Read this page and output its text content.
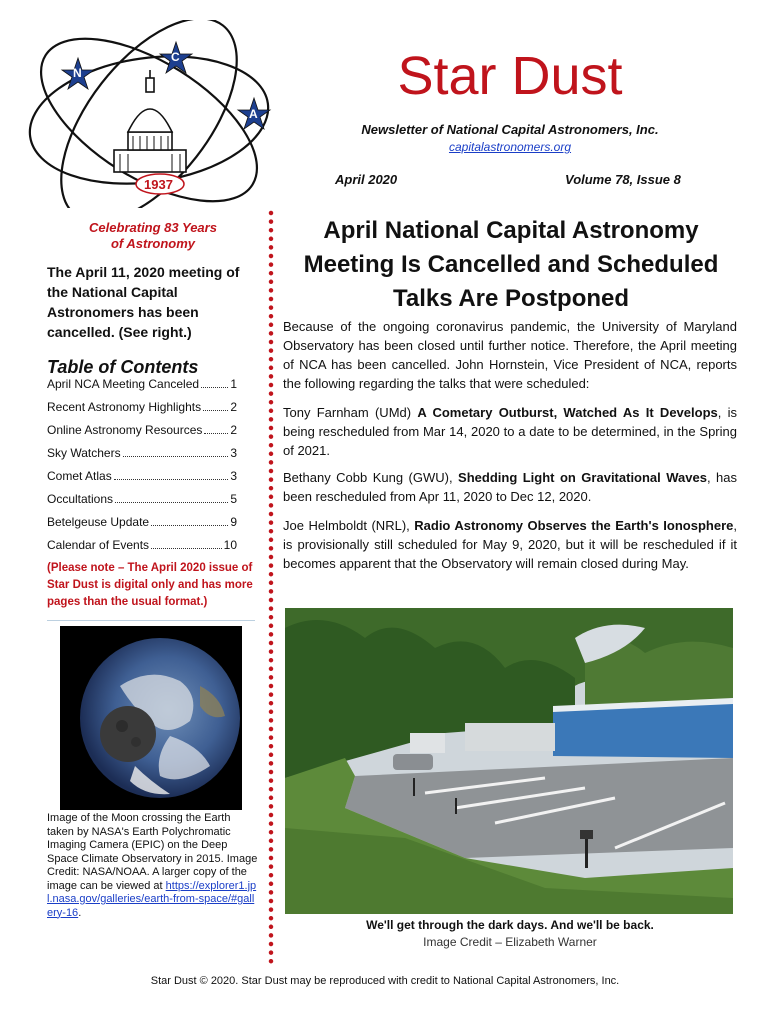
N
C
A
1937
Star Dust
Newsletter of National Capital Astronomers, Inc.
capitalastronomers.org
April 2020	Volume 78, Issue 8
Celebrating 83 Years
of Astronomy
The April 11, 2020 meeting of the National Capital Astronomers has been cancelled. (See right.)
Table of Contents
April NCA Meeting Canceled	1
Recent Astronomy Highlights 2
Online Astronomy Resources 2
Sky Watchers	3
Comet Atlas	3
Occultations	5
Betelgeuse Update	9
Calendar of Events	10
(Please note – The April 2020 issue of Star Dust is digital only and has more pages than the usual format.)
Image of the Moon crossing the Earth taken by NASA's Earth Polychromatic Imaging Camera (EPIC) on the Deep Space Climate Observatory in 2015. Image Credit: NASA/NOAA. A larger copy of the image can be viewed at https://explorer1.jpl.nasa.gov/galleries/earth-from-space/#gallery-16.
April National Capital Astronomy Meeting Is Cancelled and Scheduled Talks Are Postponed
Because of the ongoing coronavirus pandemic, the University of Maryland Observatory has been closed until further notice. Therefore, the April meeting of NCA has been cancelled. John Hornstein, Vice President of NCA, reports the following regarding the talks that were scheduled:
Tony Farnham (UMd) A Cometary Outburst, Watched As It Develops, is being rescheduled from Mar 14, 2020 to a date to be determined, in the Spring of 2021.
Bethany Cobb Kung (GWU), Shedding Light on Gravitational Waves, has been rescheduled from Apr 11, 2020 to Dec 12, 2020.
Joe Helmboldt (NRL), Radio Astronomy Observes the Earth's Ionosphere, is provisionally still scheduled for May 9, 2020, but it will be rescheduled if it becomes apparent that the Observatory will remain closed during May.
We'll get through the dark days. And we'll be back.
Image Credit – Elizabeth Warner
Star Dust © 2020. Star Dust may be reproduced with credit to National Capital Astronomers, Inc.
